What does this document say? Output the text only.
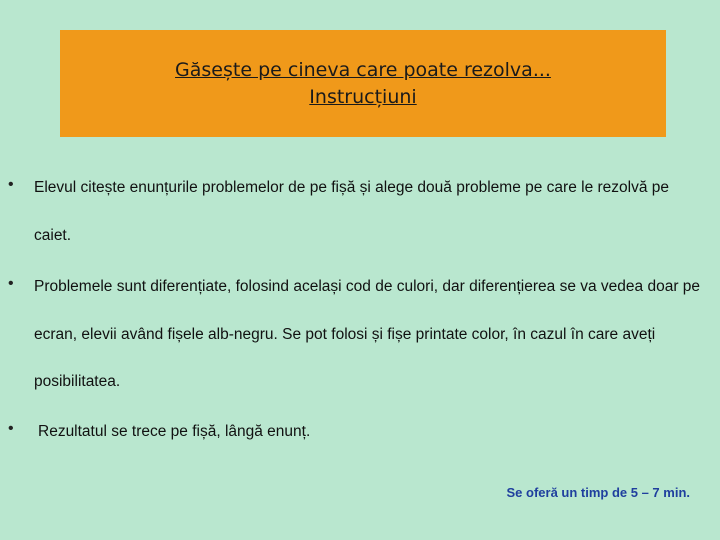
Găsește pe cineva care poate rezolva...
Instrucțiuni
• Elevul citește enunțurile problemelor de pe fișă și alege două probleme pe care le rezolvă pe caiet.
• Problemele sunt diferențiate, folosind același cod de culori, dar diferențierea se va vedea doar pe ecran, elevii având fișele alb-negru. Se pot folosi și fișe printate color, în cazul în care aveți posibilitatea.
• Rezultatul se trece pe fișă, lângă enunț.
Se oferă un timp de 5 – 7 min.
